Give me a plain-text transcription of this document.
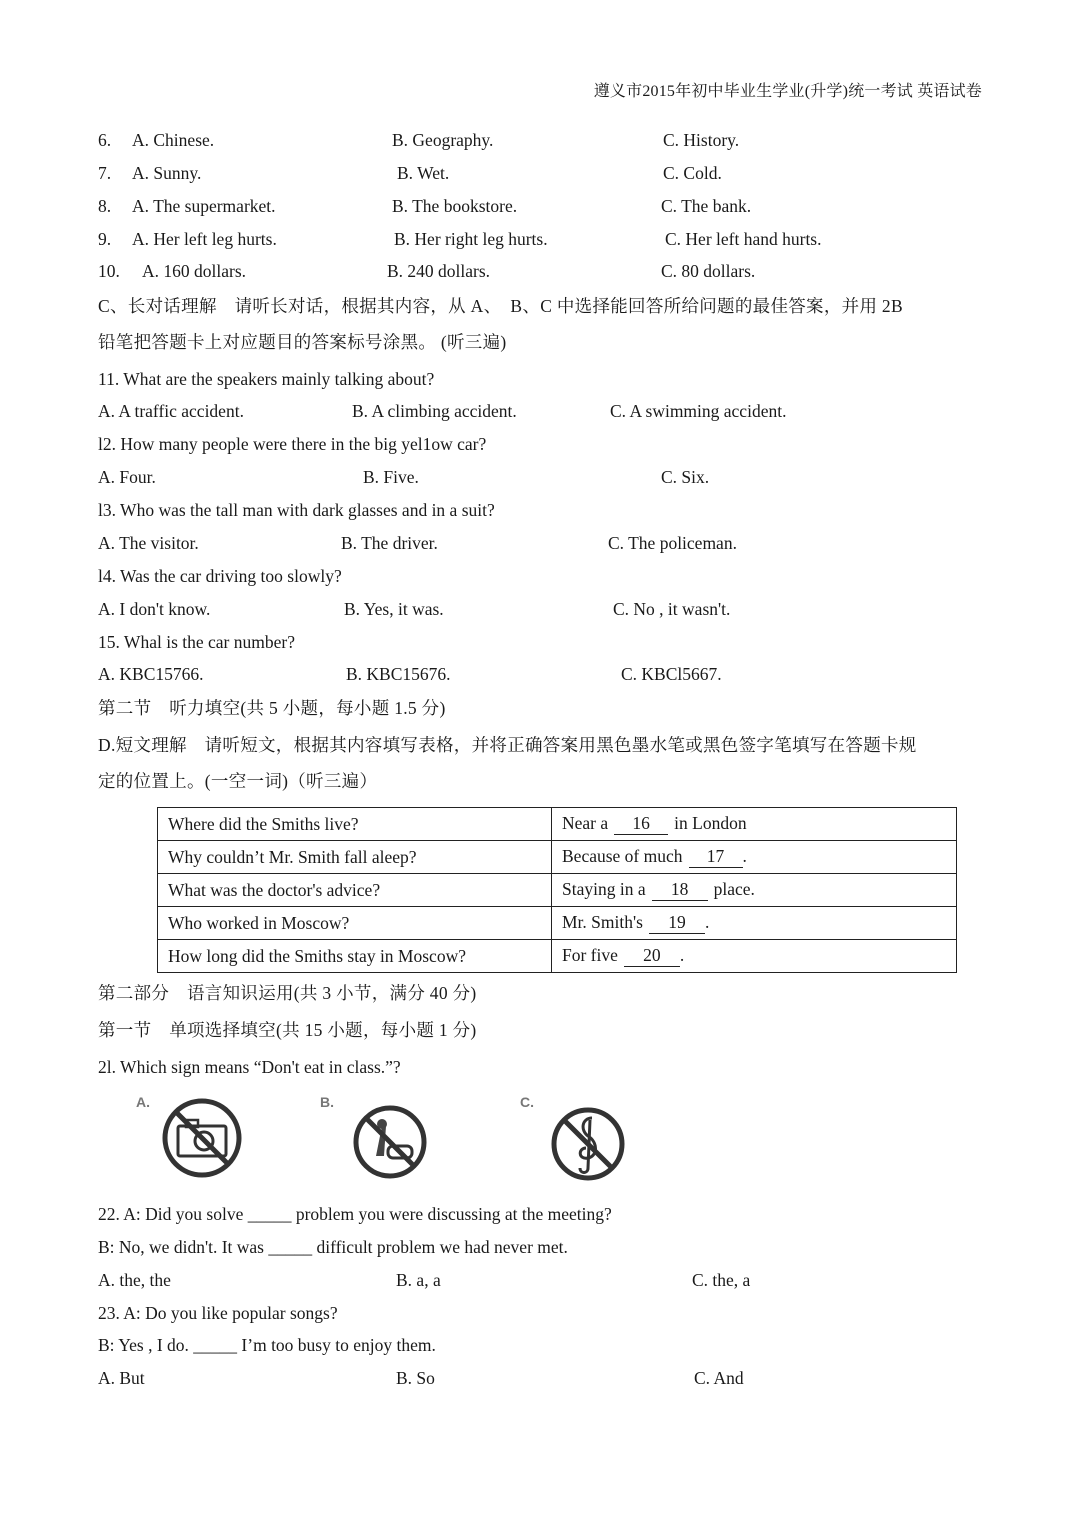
遵义市2015年初中毕业生学业(升学)统一考试 英语试卷
6. A. Chinese.	B. Geography.	C. History.
7. A. Sunny.	B. Wet.	C. Cold.
8. A. The supermarket.	B. The bookstore.	C. The bank.
9. A. Her left leg hurts.	B. Her right leg hurts.	C. Her left hand hurts.
10. A. 160 dollars.	B. 240 dollars.	C. 80 dollars.
C、长对话理解　请听长对话，根据其内容，从 A、　B、C 中选择能回答所给问题的最佳答案，并用 2B
铅笔把答题卡上对应题目的答案标号涂黑。 (听三遍)
11. What are the speakers mainly talking about?
A. A traffic accident.	B. A climbing accident.	C. A swimming accident.
l2. How many people were there in the big yel1ow car?
A. Four.	B. Five.	C. Six.
l3. Who was the tall man with dark glasses and in a suit?
A. The visitor.	B. The driver.	C. The policeman.
l4. Was the car driving too slowly?
A. I don't know.	B. Yes, it was.	C. No , it wasn't.
15. Whal is the car number?
A. KBC15766.	B. KBC15676.	C. KBCl5667.
第二节　听力填空(共 5 小题，每小题 1.5 分)
D.短文理解　请听短文，根据其内容填写表格，并将正确答案用黑色墨水笔或黑色签字笔填写在答题卡规
定的位置上。(一空一词)（听三遍）
Where did the Smiths live?	Near a 16 in London
Why couldn’t Mr. Smith fall aleep?	Because of much 17 .
What was the doctor's advice?	Staying in a 18 place.
Who worked in Moscow?	Mr. Smith's 19 .
How long did the Smiths stay in Moscow?	For five 20 .
第二部分　语言知识运用(共 3 小节，满分 40 分)
第一节　单项选择填空(共 15 小题，每小题 1 分)
2l. Which sign means “Don't eat in class.”?
A.	B.	C.
22. A: Did you solve _____ problem you were discussing at the meeting?
B: No, we didn't. It was _____ difficult problem we had never met.
A. the, the	B. a, a	C. the, a
23. A: Do you like popular songs?
B: Yes , I do. _____ I’m too busy to enjoy them.
A. But	B. So	C. And
